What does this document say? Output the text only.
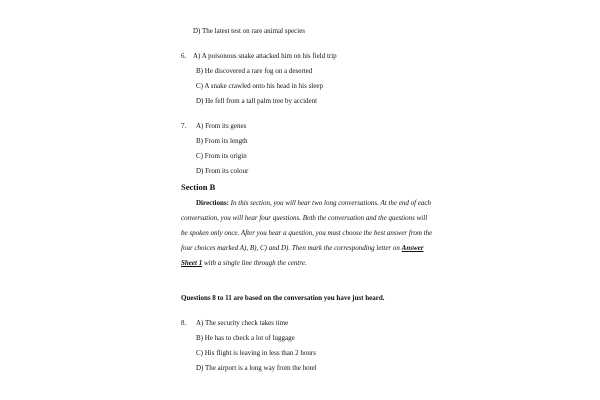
D) The latest test on rare animal species
6. A) A poisonous snake attacked him on his field trip
B) He discovered a rare fog on a deserted
C) A snake crawled onto his head in his sleep
D) He fell from a tall palm tree by accident
7. A) From its genes
B) From its length
C) From its origin
D) From its colour
Section B
Directions: In this section, you will hear two long conversations. At the end of each
conversation, you will hear four questions. Both the conversation and the questions will
be spoken only once. After you hear a question, you must choose the best answer from the
four choices marked A), B), C) and D). Then mark the corresponding letter on Answer
Sheet 1 with a single line through the centre.
Questions 8 to 11 are based on the conversation you have just heard.
8. A) The security check takes time
B) He has to check a lot of luggage
C) His flight is leaving in less than 2 hours
D) The airport is a long way from the hotel
